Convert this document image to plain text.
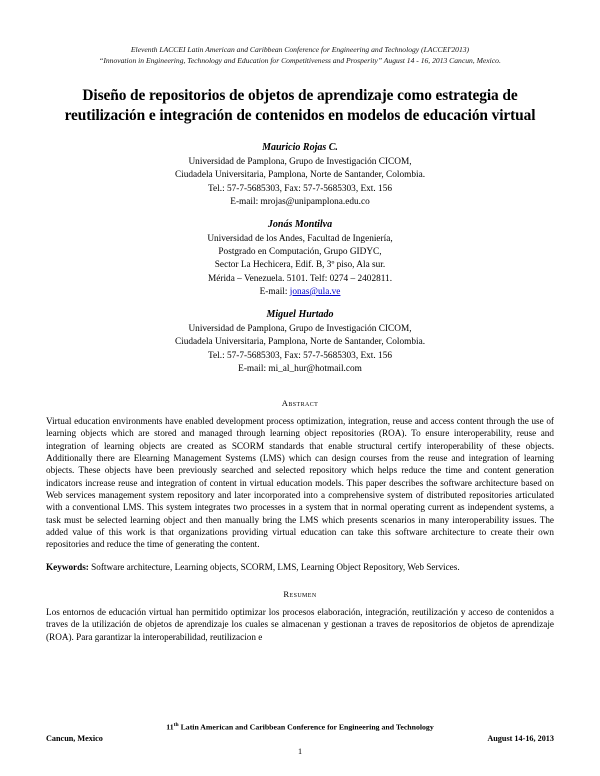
Eleventh LACCEI Latin American and Caribbean Conference for Engineering and Technology (LACCEI'2013)
“Innovation in Engineering, Technology and Education for Competitiveness and Prosperity” August 14 - 16, 2013 Cancun, Mexico.
Diseño de repositorios de objetos de aprendizaje como estrategia de reutilización e integración de contenidos en modelos de educación virtual
Mauricio Rojas C.
Universidad de Pamplona, Grupo de Investigación CICOM,
Ciudadela Universitaria, Pamplona, Norte de Santander, Colombia.
Tel.: 57-7-5685303, Fax: 57-7-5685303, Ext. 156
E-mail: mrojas@unipamplona.edu.co
Jonás Montilva
Universidad de los Andes, Facultad de Ingeniería,
Postgrado en Computación, Grupo GIDYC,
Sector La Hechicera, Edif. B, 3º piso, Ala sur.
Mérida – Venezuela. 5101. Telf: 0274 – 2402811.
E-mail: jonas@ula.ve
Miguel Hurtado
Universidad de Pamplona, Grupo de Investigación CICOM,
Ciudadela Universitaria, Pamplona, Norte de Santander, Colombia.
Tel.: 57-7-5685303, Fax: 57-7-5685303, Ext. 156
E-mail: mi_al_hur@hotmail.com
Abstract

Virtual education environments have enabled development process optimization, integration, reuse and access content through the use of learning objects which are stored and managed through learning object repositories (ROA). To ensure interoperability, reuse and integration of learning objects are created as SCORM standards that enable structural certify interoperability of these objects. Additionally there are Elearning Management Systems (LMS) which can design courses from the reuse and integration of learning objects. These objects have been previously searched and selected repository which helps reduce the time and content generation indicators increase reuse and integration of content in virtual education models. This paper describes the software architecture based on Web services management system repository and later incorporated into a comprehensive system of distributed repositories articulated with a conventional LMS. This system integrates two processes in a system that in normal operating current as independent systems, a task must be selected learning object and then manually bring the LMS which presents scenarios in many interoperability issues. The added value of this work is that organizations providing virtual education can take this software architecture to create their own repositories and reduce the time of generating the content.

Keywords: Software architecture, Learning objects, SCORM, LMS, Learning Object Repository, Web Services.
Resumen

Los entornos de educación virtual han permitido optimizar los procesos elaboración, integración, reutilización y acceso de contenidos a traves de la utilización de objetos de aprendizaje los cuales se almacenan y gestionan a traves de repositorios de objetos de aprendizaje (ROA). Para garantizar la interoperabilidad, reutilizacion e

11th Latin American and Caribbean Conference for Engineering and Technology
Cancun, Mexico	August 14-16, 2013
1
